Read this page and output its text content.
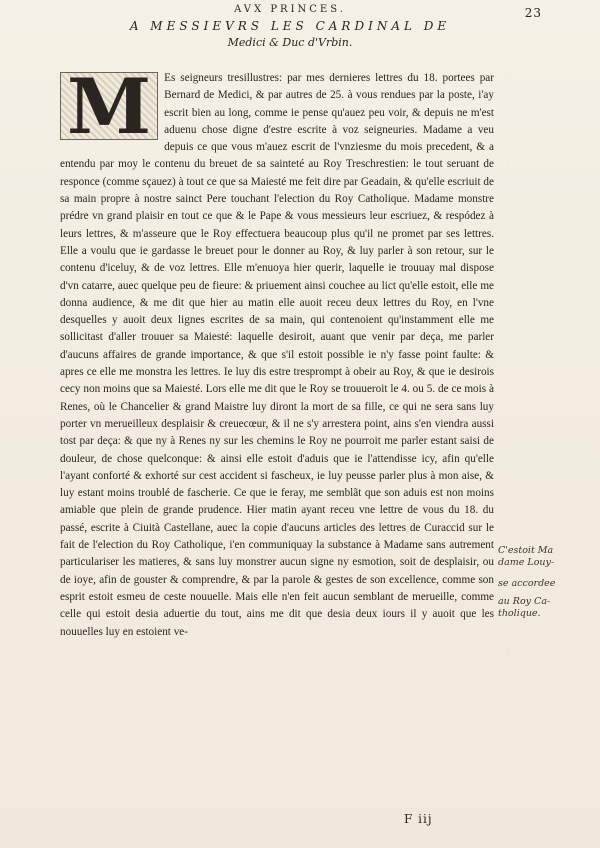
23
AVX PRINCES.
A MESSIEVRS LES CARDINAL DE
Medici & Duc d'Vrbin.
M	Es seigneurs tresillustres: par mes dernieres lettres du 18. portees par Bernard de Medici, & par autres de 25. à vous rendues par la poste, i'ay escrit bien au long, comme ie pense qu'auez peu voir, & depuis ne m'est aduenu chose digne d'estre escrite à voz seigneuries. Madame a veu depuis ce que vous m'auez escrit de l'vnziesme du mois precedent, & a entendu par moy le contenu du breuet de sa sainteté au Roy Treschrestien: le tout seruant de responce (comme sçauez) à tout ce que sa Maiesté me feit dire par Geadain, & qu'elle escriuit de sa main propre à nostre sainct Pere touchant l'election du Roy Catholique. Madame monstre prédre vn grand plaisir en tout ce que & le Pape & vous messieurs leur escriuez, & respódez à leurs lettres, & m'asseure que le Roy effectuera beaucoup plus qu'il ne promet par ses lettres. Elle a voulu que ie gardasse le breuet pour le donner au Roy, & luy parler à son retour, sur le contenu d'iceluy, & de voz lettres. Elle m'enuoya hier querir, laquelle ie trouuay mal dispose d'vn catarre, auec quelque peu de fieure: & priuement ainsi couchee au lict qu'elle estoit, elle me donna audience, & me dit que hier au matin elle auoit receu deux lettres du Roy, en l'vne desquelles y auoit deux lignes escrites de sa main, qui contenoient qu'instamment elle me sollicitast d'aller trouuer sa Maiesté: laquelle desiroit, auant que venir par deça, me parler d'aucuns affaires de grande importance, & que s'il estoit possible ie n'y fasse point faulte: & apres ce elle me monstra les lettres. Ie luy dis estre tresprompt à obeir au Roy, & que ie desirois cecy non moins que sa Maiesté. Lors elle me dit que le Roy se trouueroit le 4. ou 5. de ce mois à Renes, où le Chancelier & grand Maistre luy diront la mort de sa fille, ce qui ne sera sans luy porter vn merueilleux desplaisir & creuecœur, & il ne s'y arrestera point, ains s'en viendra aussi tost par deça: & que ny à Renes ny sur les chemins le Roy ne pourroit me parler estant saisi de douleur, de chose quelconque: & ainsi elle estoit d'aduis que ie l'attendisse icy, afin qu'elle l'ayant conforté & exhorté sur cest accident si fascheux, ie luy peusse parler plus à mon aise, & luy estant moins troublé de fascherie. Ce que ie feray, me semblãt que son aduis est non moins amiable que plein de grande prudence. Hier matin ayant receu vne lettre de vous du 18. du passé, escrite à Ciuità Castellane, auec la copie d'aucuns articles des lettres de Curaccid sur le fait de l'election du Roy Catholique, i'en communiquay la substance à Madame sans autrement particulariser les matieres, & sans luy monstrer aucun signe ny esmotion, soit de desplaisir, ou de ioye, afin de gouster & comprendre, & par la parole & gestes de son excellence, comme son esprit estoit esmeu de ceste nouuelle. Mais elle n'en feit aucun semblant de merueille, comme celle qui estoit desia aduertie du tout, ains me dit que desia deux iours il y auoit que les nouuelles luy en estoient ve-

C'estoit Ma dame Louy-
se accordee
au Roy Ca-tholique.
F iij
